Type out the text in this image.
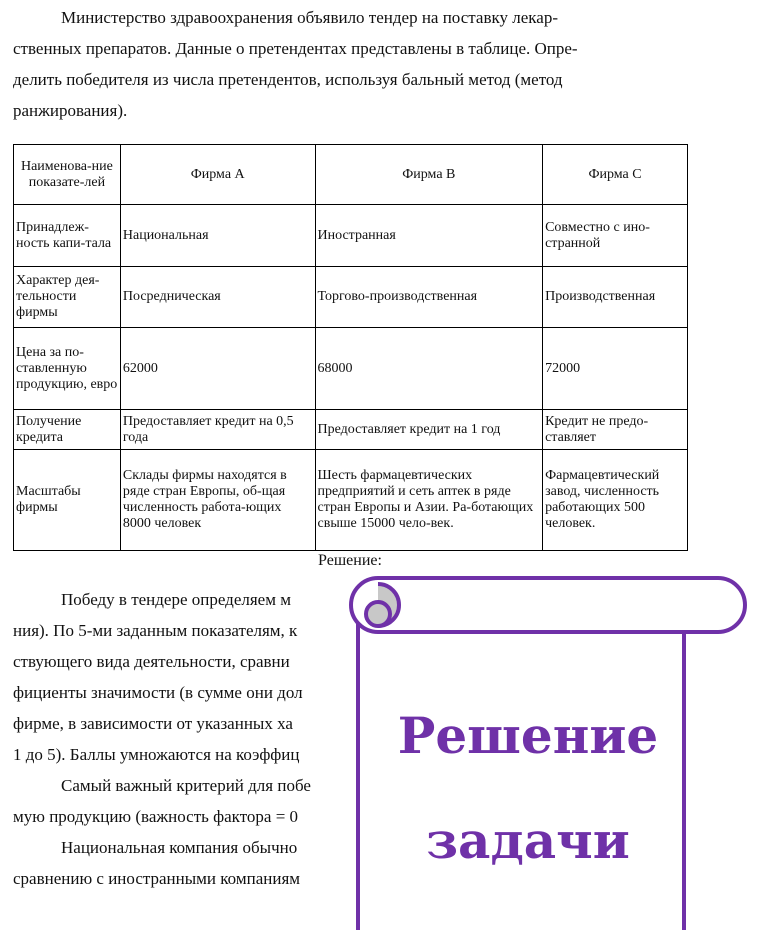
Министерство здравоохранения объявило тендер на поставку лекар-
ственных препаратов. Данные о претендентах представлены в таблице. Опре-
делить победителя из числа претендентов, используя бальный метод (метод
ранжирования).
Наименова-ние показате-лей	Фирма А	Фирма В	Фирма С
Принадлеж-ность капи-тала	Национальная	Иностранная	Совместно с ино-странной
Характер дея-тельности фирмы	Посредническая	Торгово-производственная	Производственная
Цена за по-ставленную продукцию, евро	62000	68000	72000
Получение кредита	Предоставляет кредит на 0,5 года	Предоставляет кредит на 1 год	Кредит не предо-ставляет
Масштабы фирмы	Склады фирмы находятся в ряде стран Европы, об-щая численность работа-ющих 8000 человек	Шесть фармацевтических предприятий и сеть аптек в ряде стран Европы и Азии. Ра-ботающих свыше 15000 чело-век.	Фармацевтический завод, численность работающих 500 человек.
Решение:
Победу в тендере определяем м
ния). По 5-ми заданным показателям, к
ствующего вида деятельности, сравни
фициенты значимости (в сумме они дол
фирме, в зависимости от указанных ха
1 до 5). Баллы умножаются на коэффиц
Самый важный критерий для побе
мую продукцию (важность фактора = 0
Национальная компания обычно
сравнению с иностранными компаниям
Решение
задачи
